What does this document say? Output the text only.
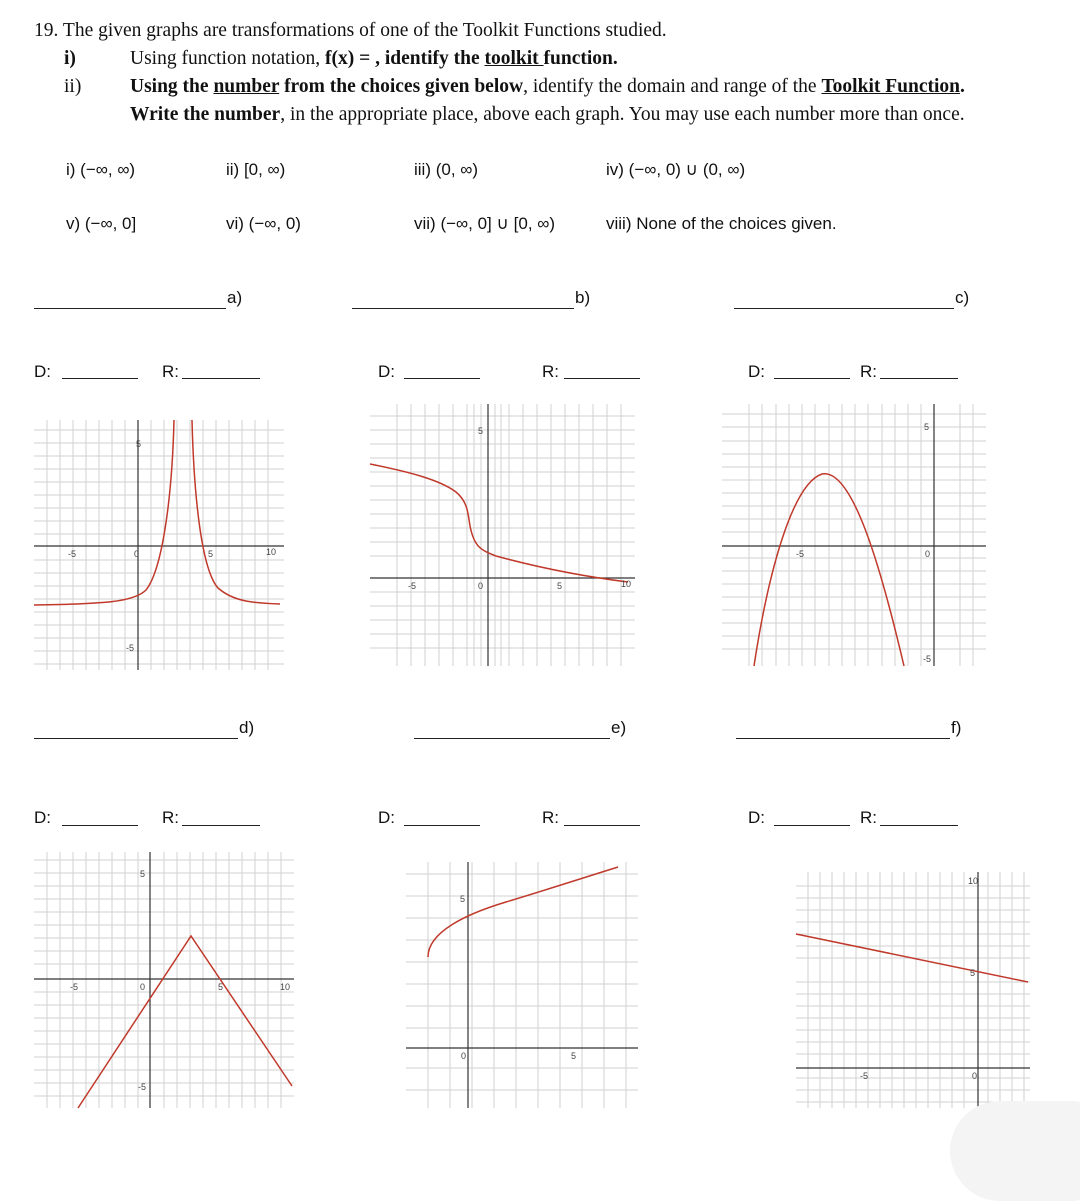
19. The given graphs are transformations of one of the Toolkit Functions studied.
i)	Using function notation, f(x) = , identify the toolkit function.
ii) Using the number from the choices given below, identify the domain and range of the Toolkit Function.
Write the number, in the appropriate place, above each graph. You may use each number more than once.
i) (−∞, ∞)	ii) [0, ∞)	iii) (0, ∞)	iv) (−∞, 0) ∪ (0, ∞)
v) (−∞, 0]	vi) (−∞, 0)	vii) (−∞, 0] ∪ [0, ∞)	viii) None of the choices given.
a)	b)	c)
D:	R:	D:	R:	D:	R:
d)	e)	f)
D:	R:	D:	R:	D:	R:
-5	0	5	10
5
-5
-5	0	5	10
5
-5	0
5
-5
-5	0	5	10
5
-5
0	5
5
-5	0
10
5
